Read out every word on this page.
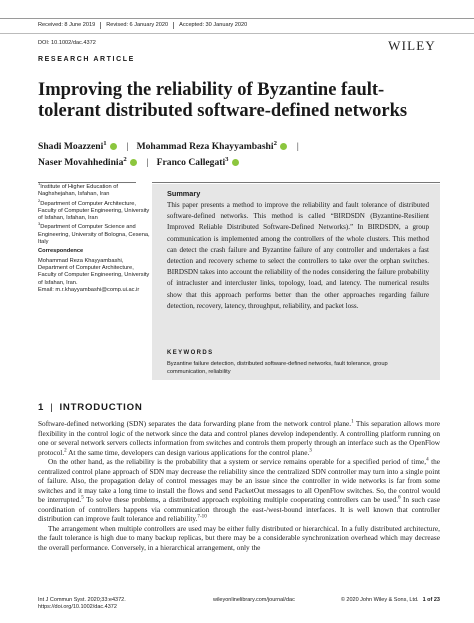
Received: 8 June 2019	Revised: 6 January 2020	Accepted: 30 January 2020
DOI: 10.1002/dac.4372	WILEY
RESEARCH ARTICLE
Improving the reliability of Byzantine fault-tolerant distributed software-defined networks
Shadi Moazzeni$^1$ | Mohammad Reza Khayyambashi$^2$ |
Naser Movahhedinia$^2$ | Franco Callegati$^3$

$^1$Institute of Higher Education of Naghshejahan, Isfahan, Iran

$^2$Department of Computer Architecture, Faculty of Computer Engineering, University of Isfahan, Isfahan, Iran

$^3$Department of Computer Science and Engineering, University of Bologna, Cesena, Italy

Correspondence

Mohammad Reza Khayyambashi, Department of Computer Architecture, Faculty of Computer Engineering, University of Isfahan, Iran.

Email: m.r.khayyambashi@comp.ui.ac.ir

Summary
This paper presents a method to improve the reliability and fault tolerance of distributed software-defined networks. This method is called “BIRDSDN (Byzantine-Resilient Improved Reliable Distributed Software-Defined Networks).” In BIRDSDN, a group communication is implemented among the controllers of the whole clusters. This method can detect the crash failure and Byzantine failure of any controller and undertakes a fast detection and recovery scheme to select the controllers to take over the orphan switches. BIRDSDN takes into account the reliability of the nodes considering the failure probability of intracluster and intercluster links, topology, load, and latency. The numerical results show that this approach performs better than the other approaches regarding failure detection, recovery, latency, throughput, reliability, and packet loss.
KEYWORDS
Byzantine failure detection, distributed software-defined networks, fault tolerance, group communication, reliability
1 | INTRODUCTION

Software-defined networking (SDN) separates the data forwarding plane from the network control plane.$^1$ This separation allows more flexibility in the control logic of the network since the data and control planes develop independently. A controlling platform running on one or several network servers collects information from switches and controls them properly through an interface such as the OpenFlow protocol.$^2$ At the same time, developers can design various applications for the control plane.$^3$

On the other hand, as the reliability is the probability that a system or service remains operable for a specified period of time,$^4$ the centralized control plane approach of SDN may decrease the reliability since the centralized SDN controller may turn into a single point of failure. Also, the propagation delay of control messages may be an issue since the controller in wide networks is far from some switches and it may take a long time to install the flows and send PacketOut messages to all OpenFlow switches. So, the control would be interrupted.$^5$ To solve these problems, a distributed approach exploiting multiple cooperating controllers can be used.$^6$ In such case coordination of controllers happens via communication through the east-/west-bound interfaces. It is well known that controller distribution can improve fault tolerance and reliability.$^{7-10}$

The arrangement when multiple controllers are used may be either fully distributed or hierarchical. In a fully distributed architecture, the fault tolerance is high due to many backup replicas, but there may be a considerable synchronization overhead which may decrease the overall performance. Conversely, in a hierarchical arrangement, only the

Int J Commun Syst. 2020;33:e4372.
https://doi.org/10.1002/dac.4372
wileyonlinelibrary.com/journal/dac	© 2020 John Wiley & Sons, Ltd. 1 of 23
